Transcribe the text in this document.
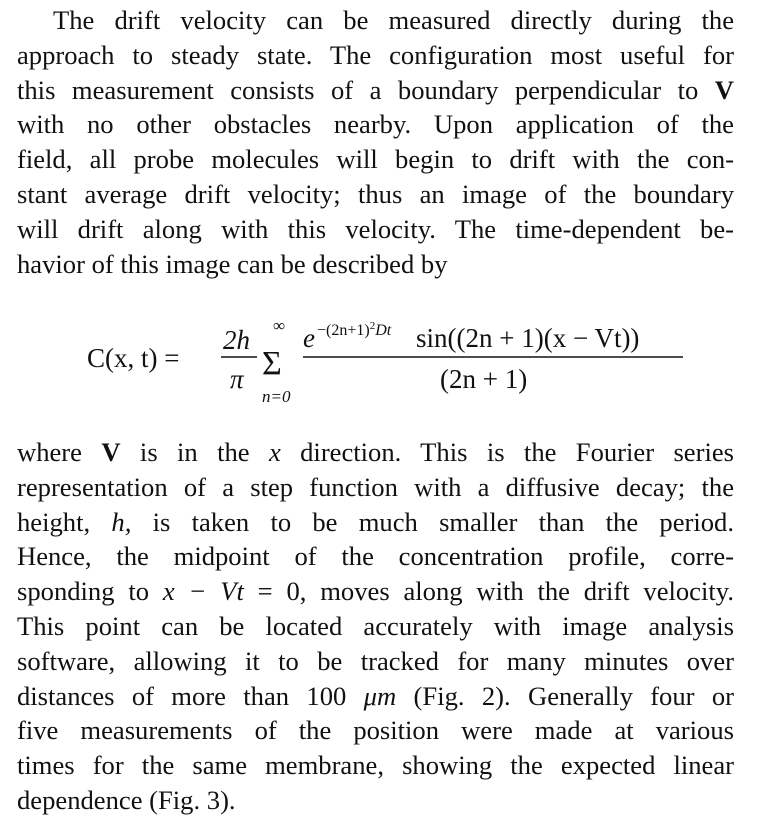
The drift velocity can be measured directly during the
approach to steady state. The configuration most useful for
this measurement consists of a boundary perpendicular to V
with no other obstacles nearby. Upon application of the
field, all probe molecules will begin to drift with the con-
stant average drift velocity; thus an image of the boundary
will drift along with this velocity. The time-dependent be-
havior of this image can be described by
C(x, t) =
2h
π
∞
Σ
n=0
$e -(2n+1)^2Dt$ sin((2n + 1)(x − Vt))
(2n + 1)
where V is in the x direction. This is the Fourier series
representation of a step function with a diffusive decay; the
height, h, is taken to be much smaller than the period.
Hence, the midpoint of the concentration profile, corre-
sponding to x − Vt = 0, moves along with the drift velocity.
This point can be located accurately with image analysis
software, allowing it to be tracked for many minutes over
distances of more than 100 μm (Fig. 2). Generally four or
five measurements of the position were made at various
times for the same membrane, showing the expected linear
dependence (Fig. 3).
